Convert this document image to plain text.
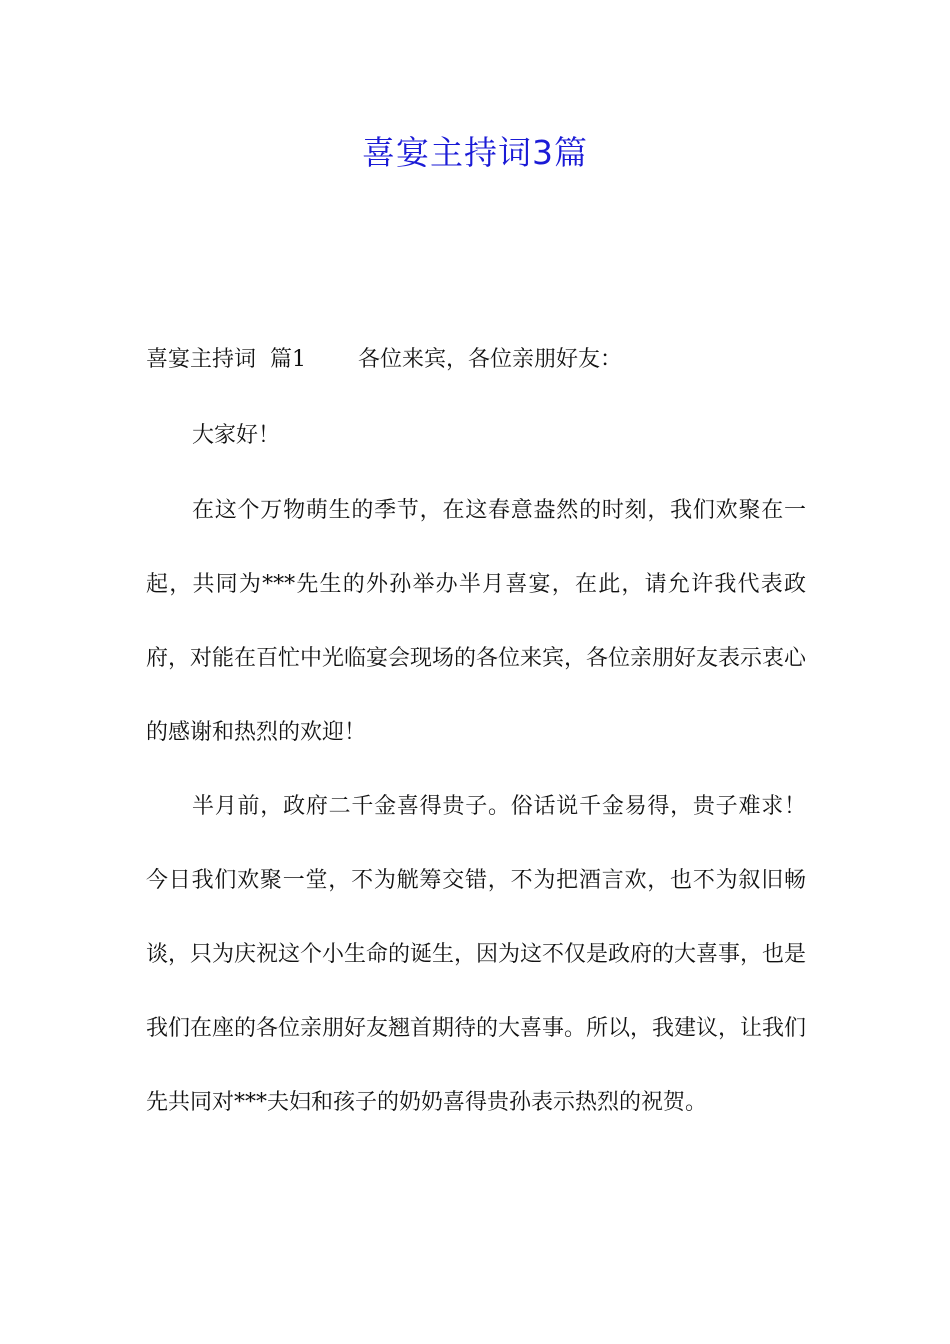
喜宴主持词3篇
喜宴主持词  篇1 各位来宾，各位亲朋好友：

大家好！

在这个万物萌生的季节，在这春意盎然的时刻，我们欢聚在一起，共同为***先生的外孙举办半月喜宴，在此，请允许我代表政府，对能在百忙中光临宴会现场的各位来宾，各位亲朋好友表示衷心的感谢和热烈的欢迎！

半月前，政府二千金喜得贵子。俗话说千金易得，贵子难求！今日我们欢聚一堂，不为觥筹交错，不为把酒言欢，也不为叙旧畅谈，只为庆祝这个小生命的诞生，因为这不仅是政府的大喜事，也是我们在座的各位亲朋好友翘首期待的大喜事。所以，我建议，让我们先共同对***夫妇和孩子的奶奶喜得贵孙表示热烈的祝贺。
